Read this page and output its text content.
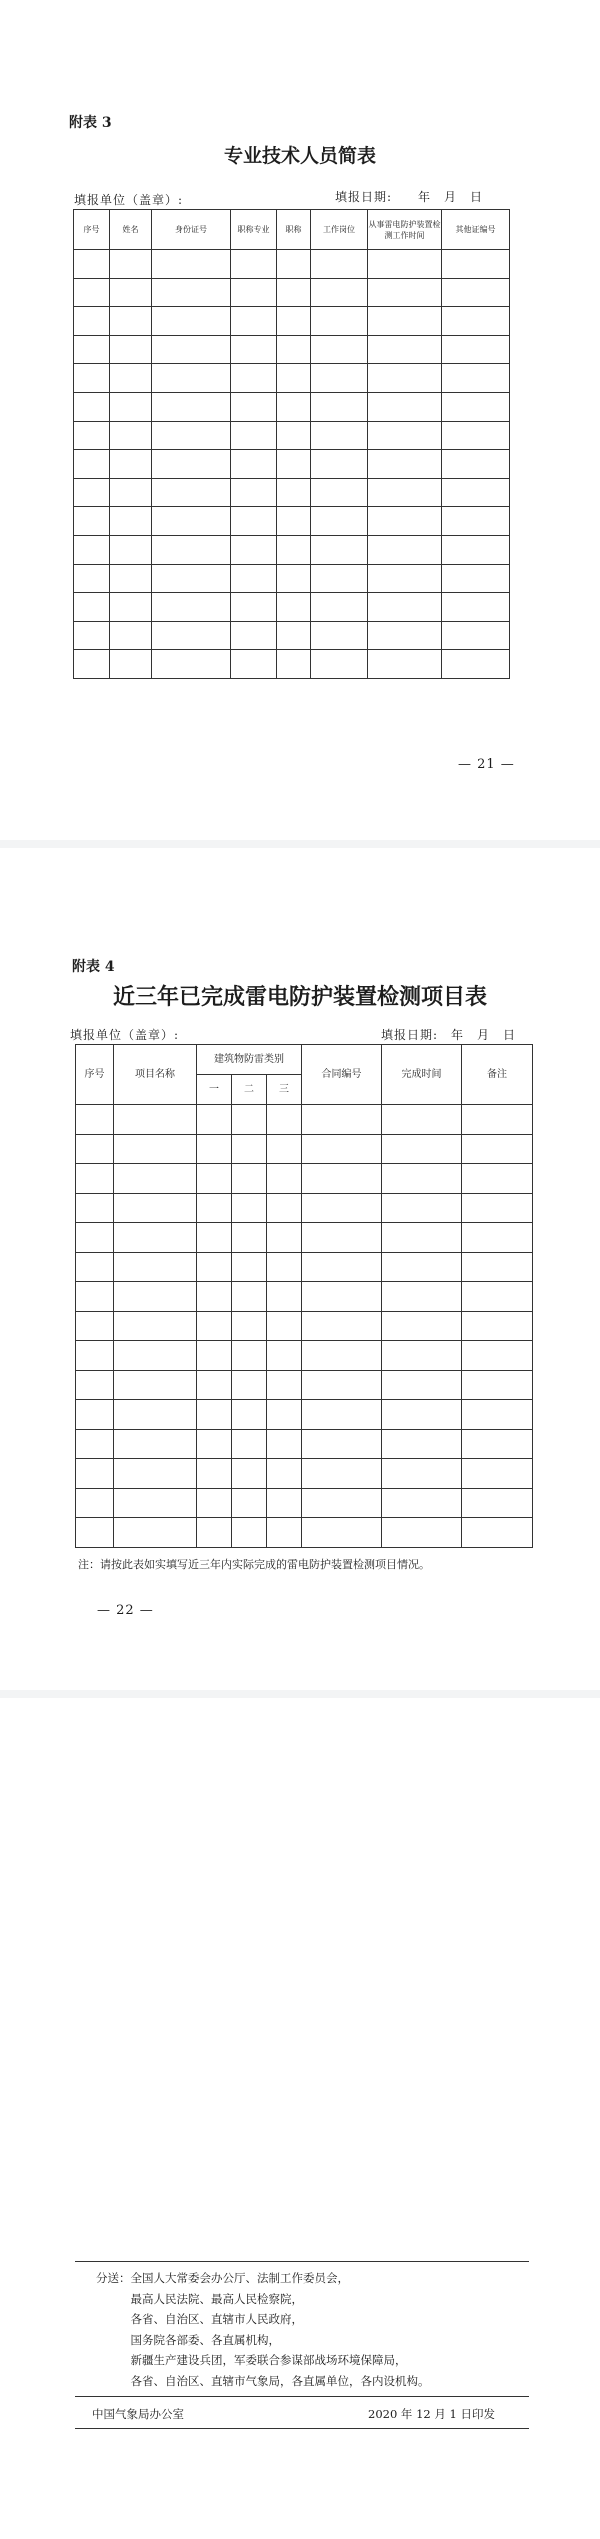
附表 3
专业技术人员简表
填报单位（盖章）:	填报日期:　　年　月　日
序号	姓名	身份证号	职称专业	职称	工作岗位	从事雷电防护装置检测工作时间	其他证编号

— 21 —
附表 4
近三年已完成雷电防护装置检测项目表
填报单位（盖章）:	填报日期:　年　月　日
序号	项目名称	建筑物防雷类别			合同编号	完成时间	备注
		一	二	三			

注：请按此表如实填写近三年内实际完成的雷电防护装置检测项目情况。
— 22 —
分送：全国人大常委会办公厅、法制工作委员会，
　　　最高人民法院、最高人民检察院，
　　　各省、自治区、直辖市人民政府，
　　　国务院各部委、各直属机构，
　　　新疆生产建设兵团，军委联合参谋部战场环境保障局，
　　　各省、自治区、直辖市气象局，各直属单位，各内设机构。
中国气象局办公室	2020 年 12 月 1 日印发
